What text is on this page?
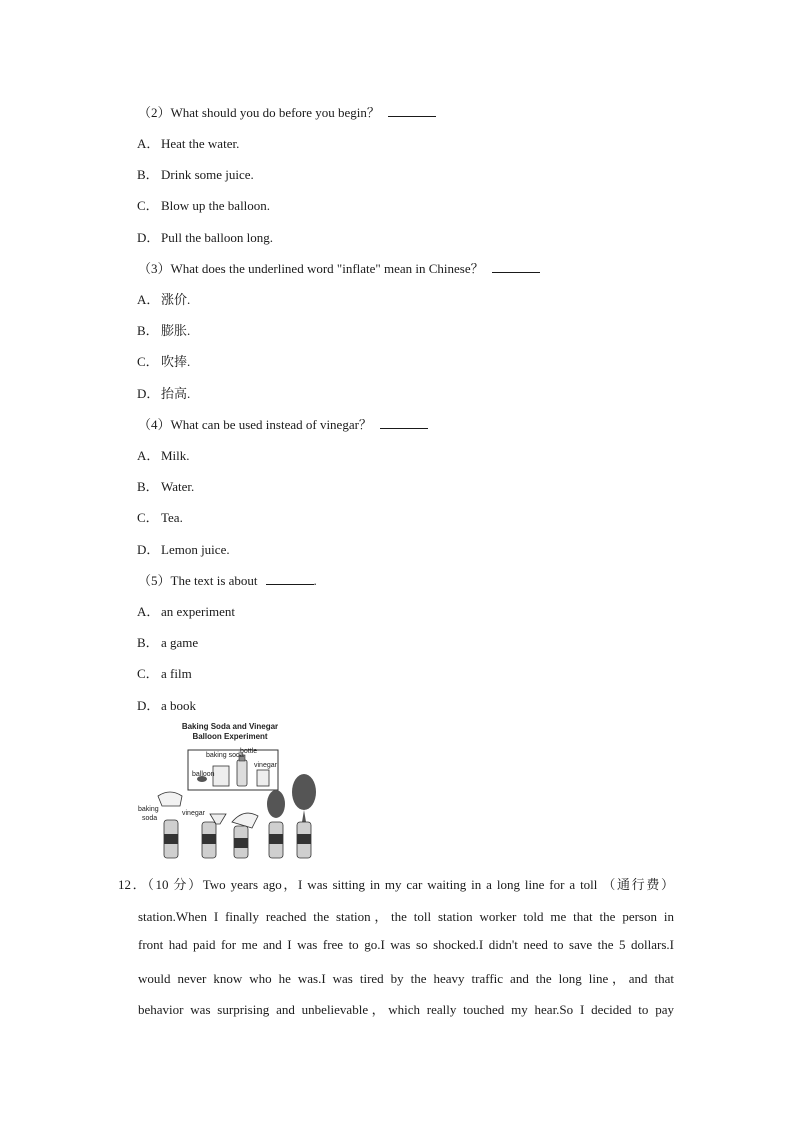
（2）What should you do before you begin？
A． Heat the water.
B． Drink some juice.
C． Blow up the balloon.
D． Pull the balloon long.
（3）What does the underlined word "inflate" mean in Chinese？
A． 涨价.
B． 膨胀.
C． 吹捧.
D． 抬高.
（4）What can be used instead of vinegar？
A． Milk.
B． Water.
C． Tea.
D． Lemon juice.
（5）The text is about	.
A． an experiment
B． a game
C． a film
D． a book
Baking Soda and Vinegar
Balloon Experiment
baking soda
bottle
balloon
vinegar
baking
soda
vinegar
12．（10 分）Two years ago，I was sitting in my car waiting in a long line for a toll （通行费）
station.When I finally reached the station，the toll station worker told me that the person in
front had paid for me and I was free to go.I was so shocked.I didn't need to save the 5 dollars.I
would never know who he was.I was tired by the heavy traffic and the long line，and that
behavior was surprising and unbelievable，which really touched my hear.So I decided to pay
